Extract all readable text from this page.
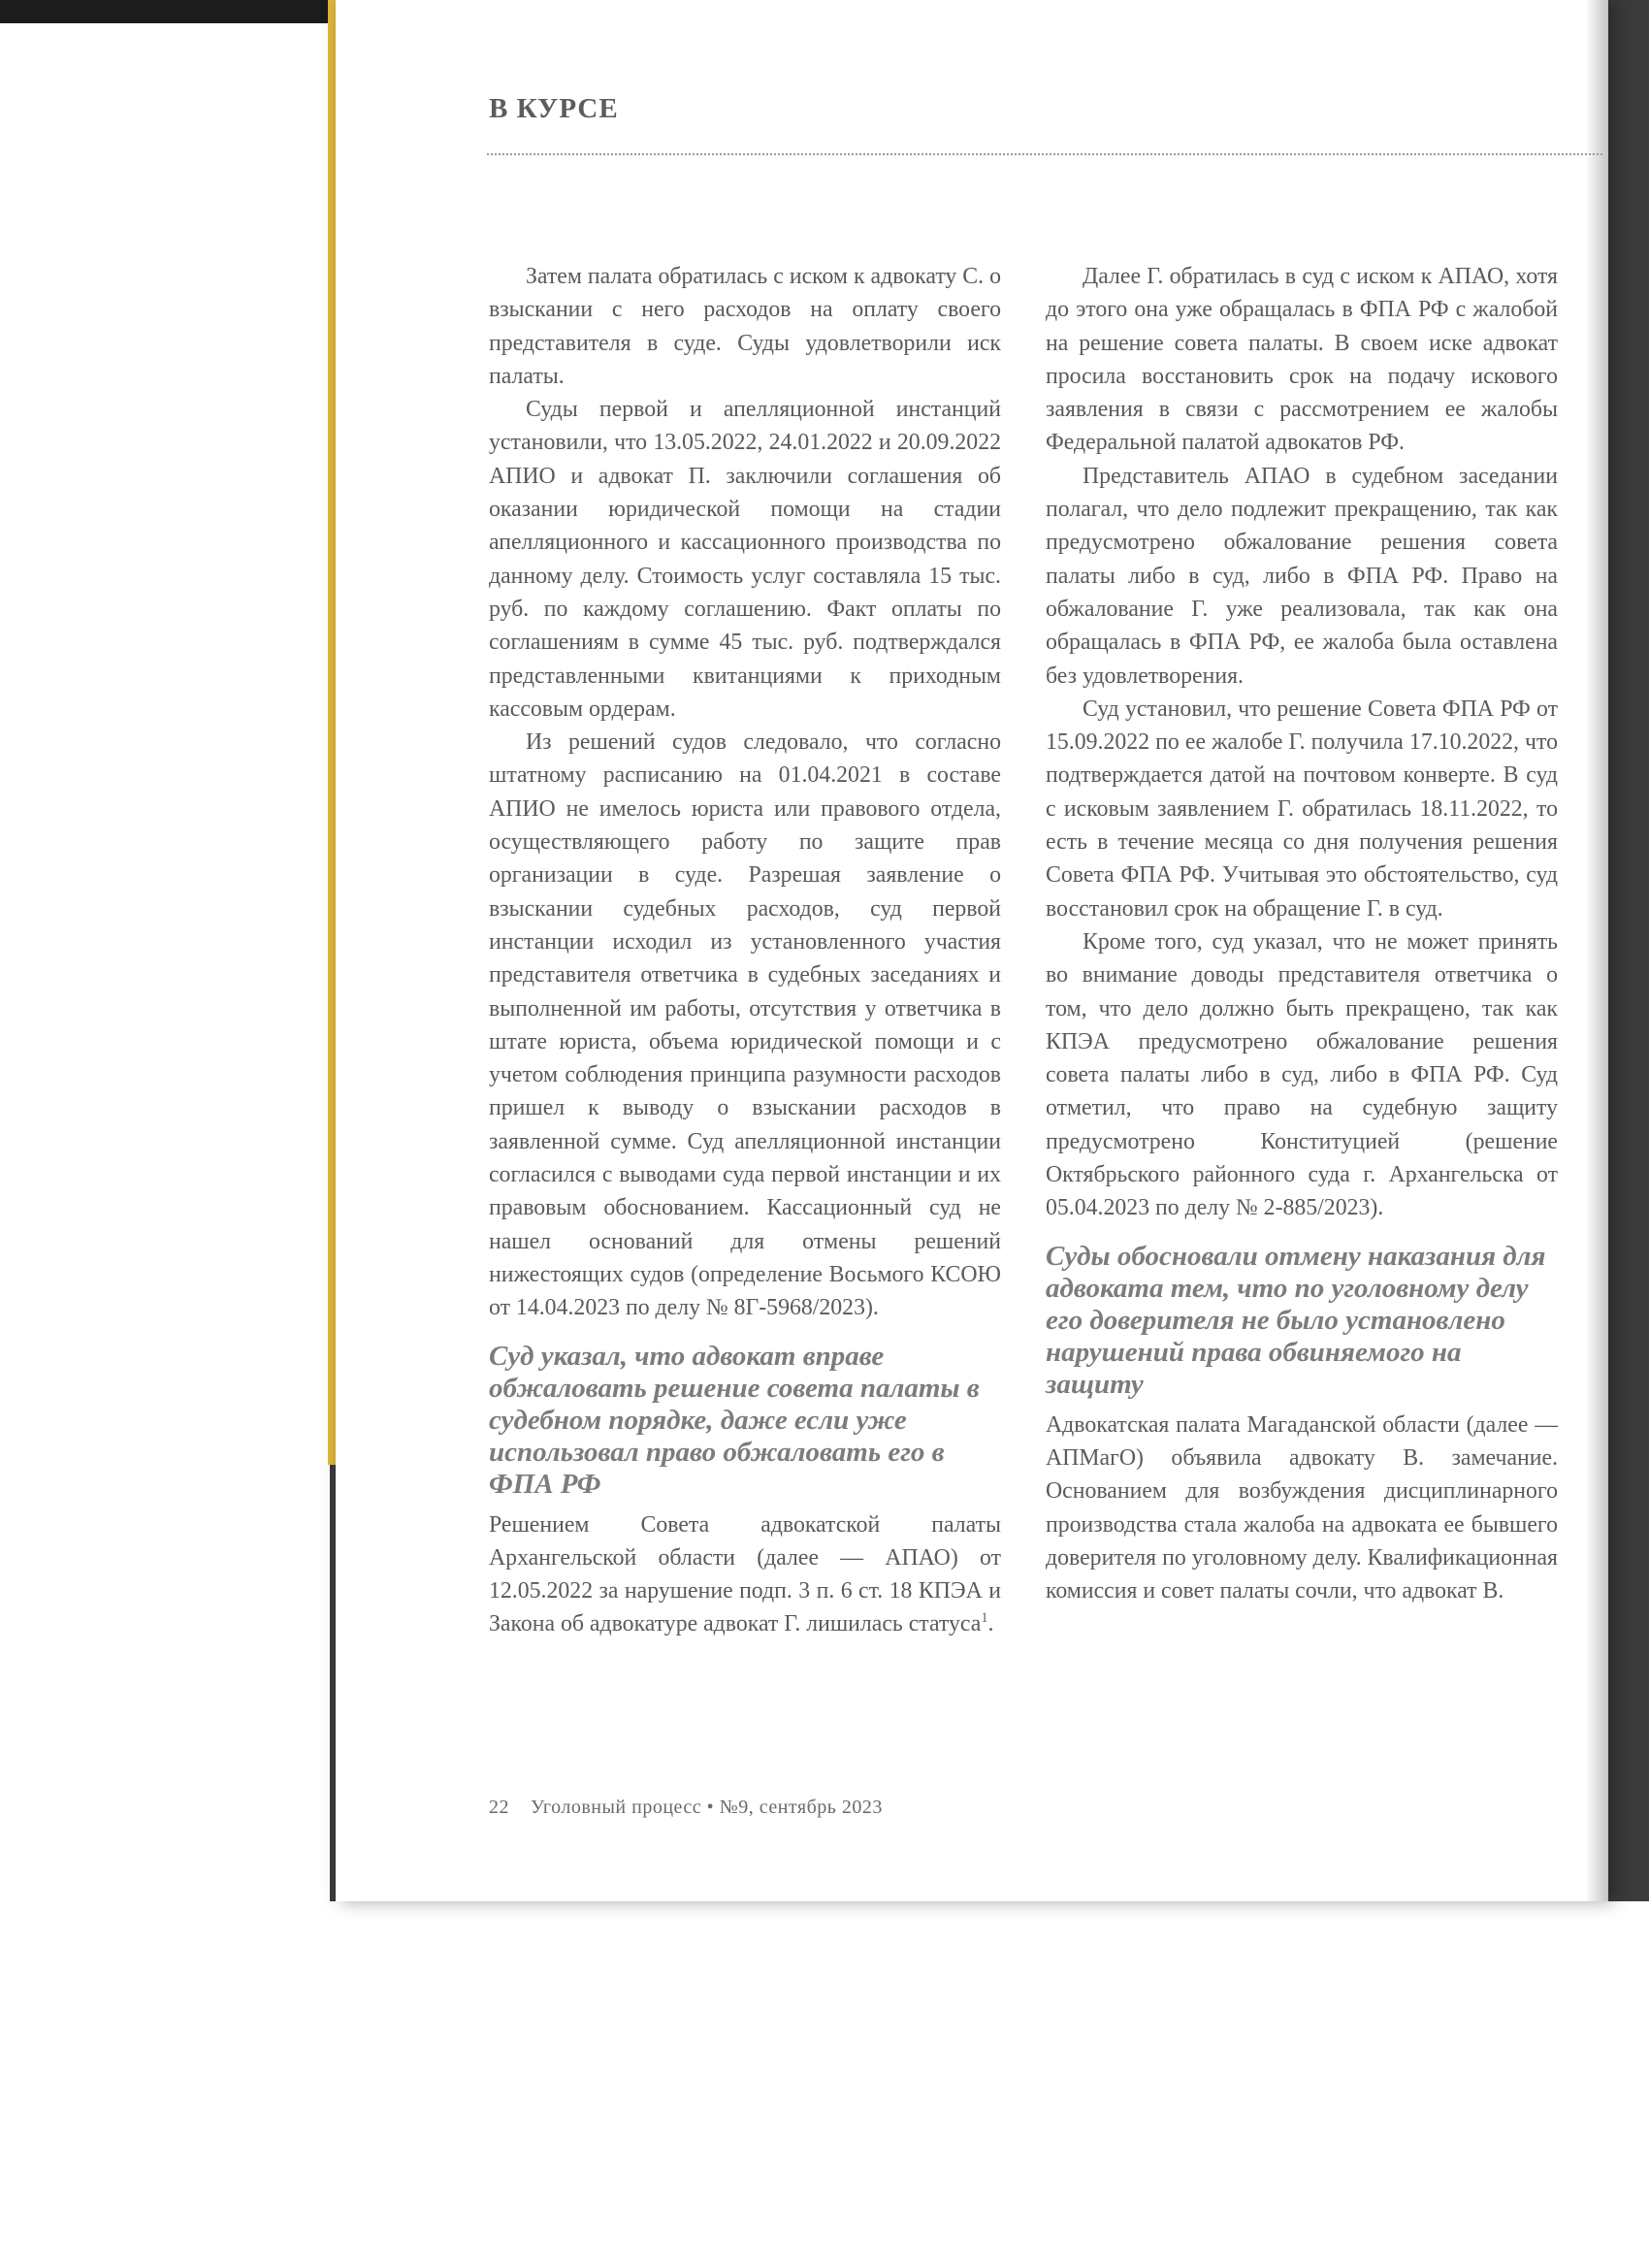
В КУРСЕ

Затем палата обратилась с иском к адвокату С. о взыскании с него расходов на оплату своего представителя в суде. Суды удовлетворили иск палаты.

Суды первой и апелляционной инстанций установили, что 13.05.2022, 24.01.2022 и 20.09.2022 АПИО и адвокат П. заключили соглашения об оказании юридической помощи на стадии апелляционного и кассационного производства по данному делу. Стоимость услуг составляла 15 тыс. руб. по каждому соглашению. Факт оплаты по соглашениям в сумме 45 тыс. руб. подтверждался представленными квитанциями к приходным кассовым ордерам.

Из решений судов следовало, что согласно штатному расписанию на 01.04.2021 в составе АПИО не имелось юриста или правового отдела, осуществляющего работу по защите прав организации в суде. Разрешая заявление о взыскании судебных расходов, суд первой инстанции исходил из установленного участия представителя ответчика в судебных заседаниях и выполненной им работы, отсутствия у ответчика в штате юриста, объема юридической помощи и с учетом соблюдения принципа разумности расходов пришел к выводу о взыскании расходов в заявленной сумме. Суд апелляционной инстанции согласился с выводами суда первой инстанции и их правовым обоснованием. Кассационный суд не нашел оснований для отмены решений нижестоящих судов (определение Восьмого КСОЮ от 14.04.2023 по делу № 8Г-5968/2023).

Суд указал, что адвокат вправе обжаловать решение совета палаты в судебном порядке, даже если уже использовал право обжаловать его в ФПА РФ

Решением Совета адвокатской палаты Архангельской области (далее — АПАО) от 12.05.2022 за нарушение подп. 3 п. 6 ст. 18 КПЭА и Закона об адвокатуре адвокат Г. лишилась статуса$^1$.

Далее Г. обратилась в суд с иском к АПАО, хотя до этого она уже обращалась в ФПА РФ с жалобой на решение совета палаты. В своем иске адвокат просила восстановить срок на подачу искового заявления в связи с рассмотрением ее жалобы Федеральной палатой адвокатов РФ.

Представитель АПАО в судебном заседании полагал, что дело подлежит прекращению, так как предусмотрено обжалование решения совета палаты либо в суд, либо в ФПА РФ. Право на обжалование Г. уже реализовала, так как она обращалась в ФПА РФ, ее жалоба была оставлена без удовлетворения.

Суд установил, что решение Совета ФПА РФ от 15.09.2022 по ее жалобе Г. получила 17.10.2022, что подтверждается датой на почтовом конверте. В суд с исковым заявлением Г. обратилась 18.11.2022, то есть в течение месяца со дня получения решения Совета ФПА РФ. Учитывая это обстоятельство, суд восстановил срок на обращение Г. в суд.

Кроме того, суд указал, что не может принять во внимание доводы представителя ответчика о том, что дело должно быть прекращено, так как КПЭА предусмотрено обжалование решения совета палаты либо в суд, либо в ФПА РФ. Суд отметил, что право на судебную защиту предусмотрено Конституцией (решение Октябрьского районного суда г. Архангельска от 05.04.2023 по делу № 2-885/2023).

Суды обосновали отмену наказания для адвоката тем, что по уголовному делу его доверителя не было установлено нарушений права обвиняемого на защиту

Адвокатская палата Магаданской области (далее — АПМагО) объявила адвокату В. замечание. Основанием для возбуждения дисциплинарного производства стала жалоба на адвоката ее бывшего доверителя по уголовному делу. Квалификационная комиссия и совет палаты сочли, что адвокат В.

22 Уголовный процесс • №9, сентябрь 2023
